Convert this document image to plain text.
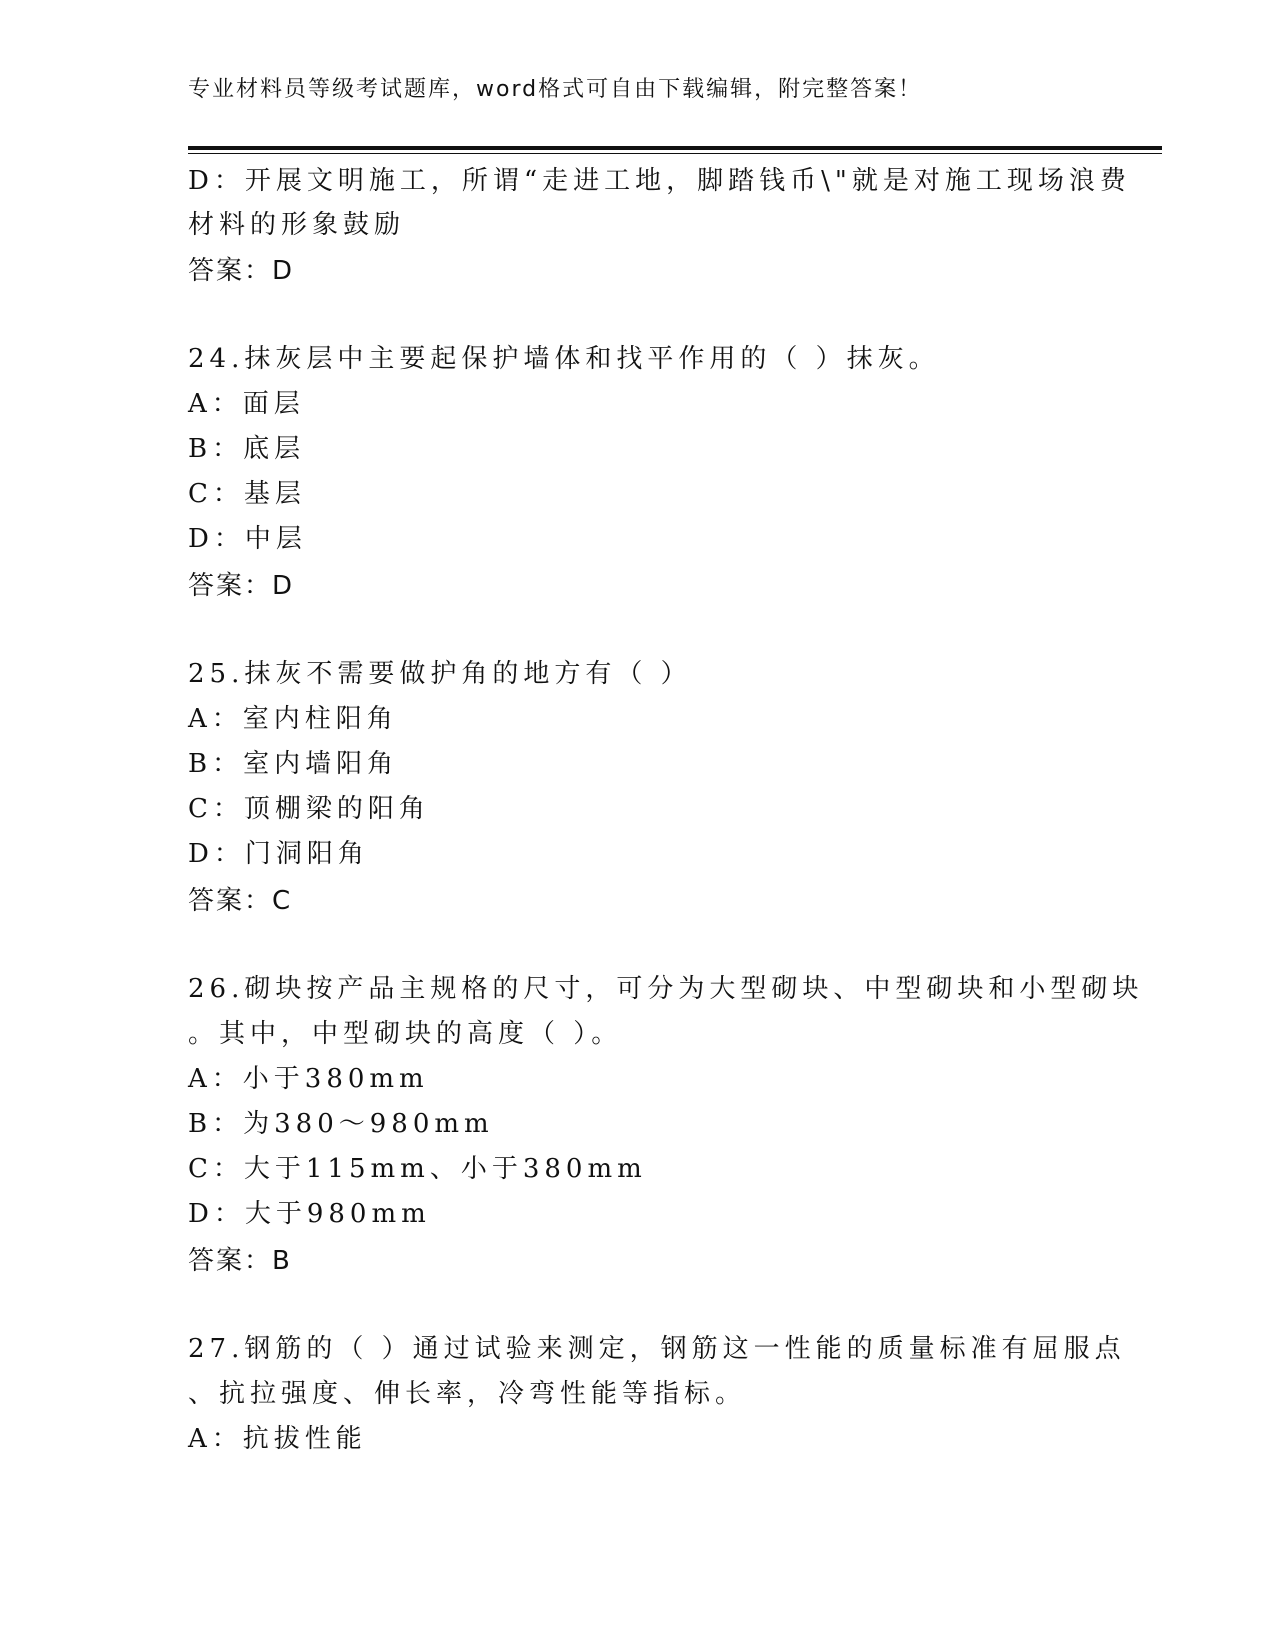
专业材料员等级考试题库，word格式可自由下载编辑，附完整答案！
D：开展文明施工，所谓“走进工地，脚踏钱币\"就是对施工现场浪费
材料的形象鼓励
答案：D
24.抹灰层中主要起保护墙体和找平作用的（ ）抹灰。
A：面层
B：底层
C：基层
D：中层
答案：D
25.抹灰不需要做护角的地方有（ ）
A：室内柱阳角
B：室内墙阳角
C：顶棚梁的阳角
D：门洞阳角
答案：C
26.砌块按产品主规格的尺寸，可分为大型砌块、中型砌块和小型砌块
。其中，中型砌块的高度（ ）。
A：小于380mm
B：为380～980mm
C：大于115mm、小于380mm
D：大于980mm
答案：B
27.钢筋的（ ）通过试验来测定，钢筋这一性能的质量标准有屈服点
、抗拉强度、伸长率，冷弯性能等指标。
A：抗拔性能
